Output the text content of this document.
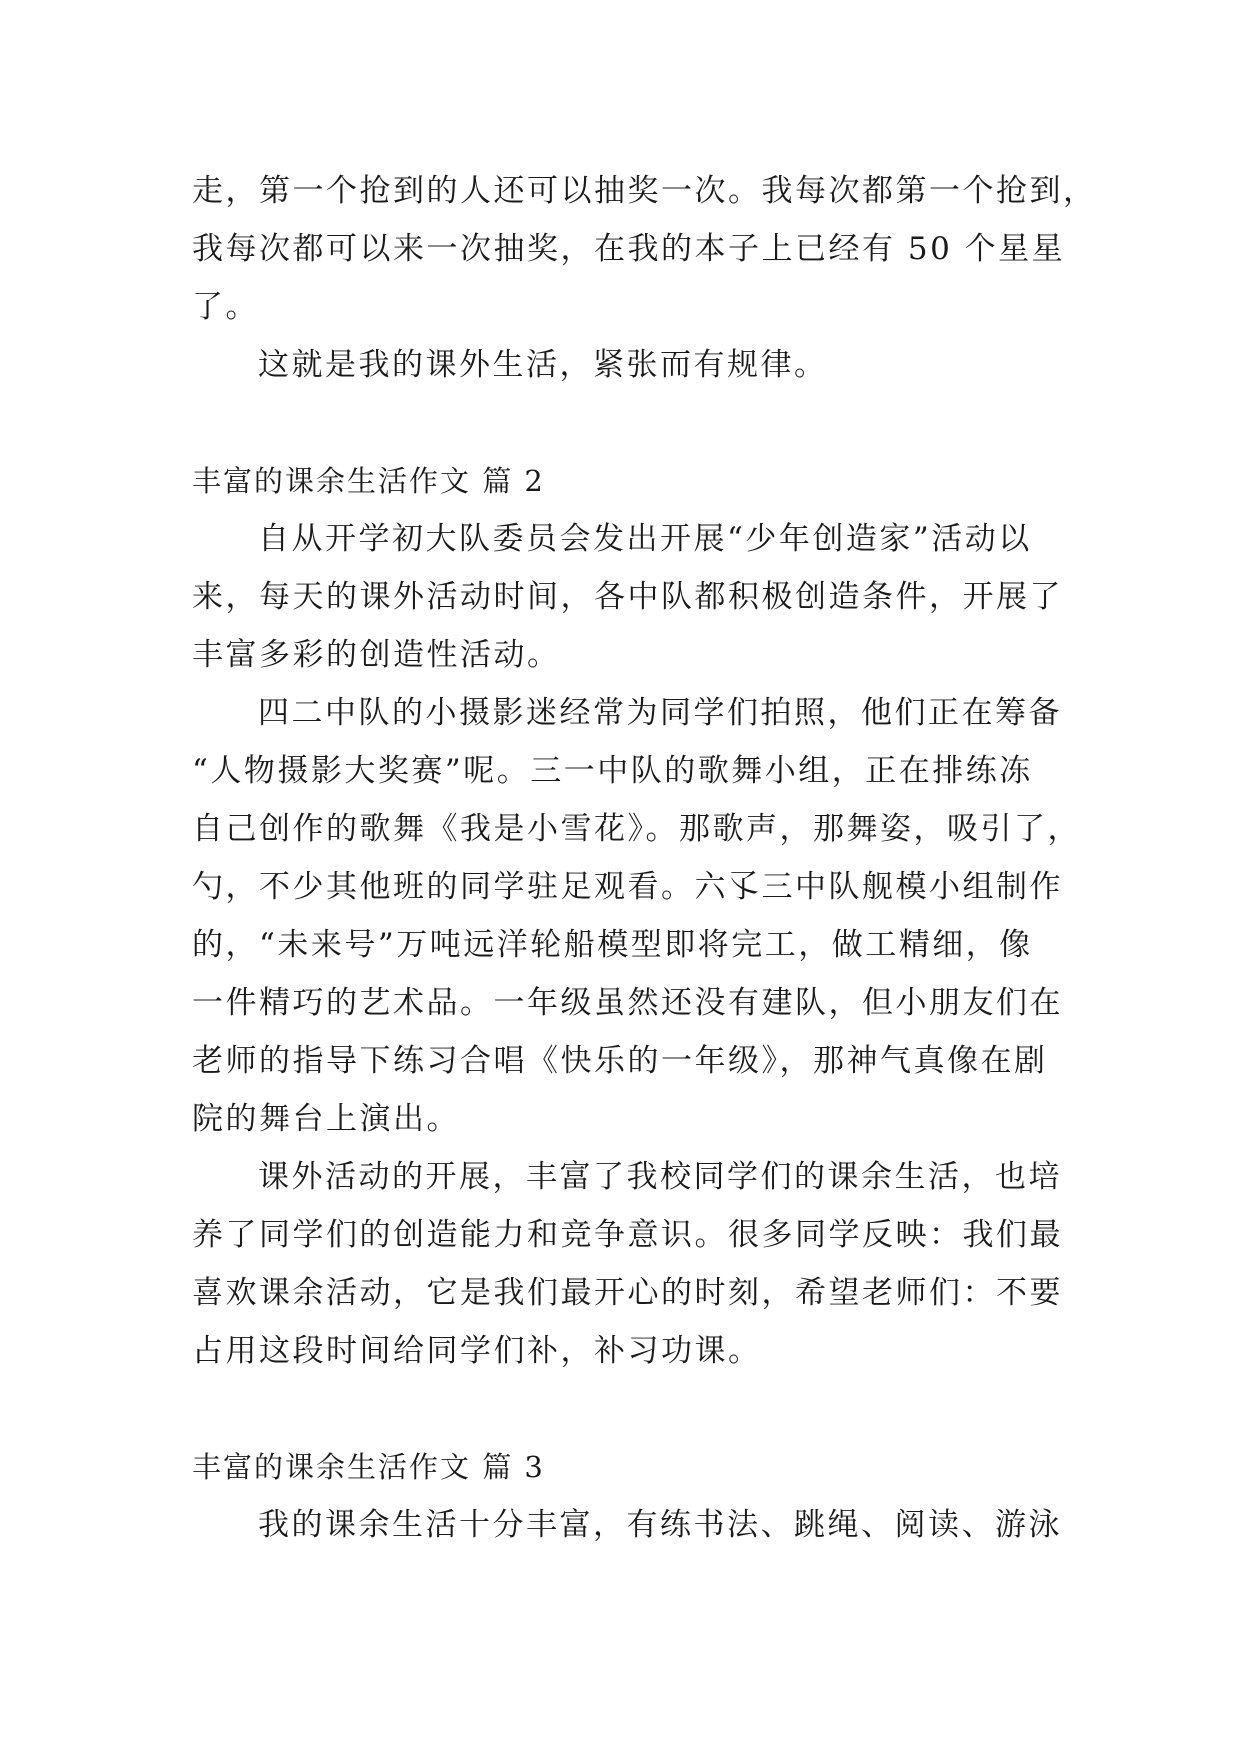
走，第一个抢到的人还可以抽奖一次。我每次都第一个抢到，
我每次都可以来一次抽奖，在我的本子上已经有 50 个星星
了。
这就是我的课外生活，紧张而有规律。
丰富的课余生活作文 篇 2
自从开学初大队委员会发出开展“少年创造家”活动以
来，每天的课外活动时间，各中队都积极创造条件，开展了
丰富多彩的创造性活动。
四二中队的小摄影迷经常为同学们拍照，他们正在筹备
“人物摄影大奖赛”呢。三一中队的歌舞小组，正在排练冻
自己创作的歌舞《我是小雪花》。那歌声，那舞姿，吸引了，
勺，不少其他班的同学驻足观看。六孓三中队舰模小组制作
的，“未来号”万吨远洋轮船模型即将完工，做工精细，像
一件精巧的艺术品。一年级虽然还没有建队，但小朋友们在
老师的指导下练习合唱《快乐的一年级》，那神气真像在剧
院的舞台上演出。
课外活动的开展，丰富了我校同学们的课余生活，也培
养了同学们的创造能力和竞争意识。很多同学反映：我们最
喜欢课余活动，它是我们最开心的时刻，希望老师们：不要
占用这段时间给同学们补，补习功课。
丰富的课余生活作文 篇 3
我的课余生活十分丰富，有练书法、跳绳、阅读、游泳
